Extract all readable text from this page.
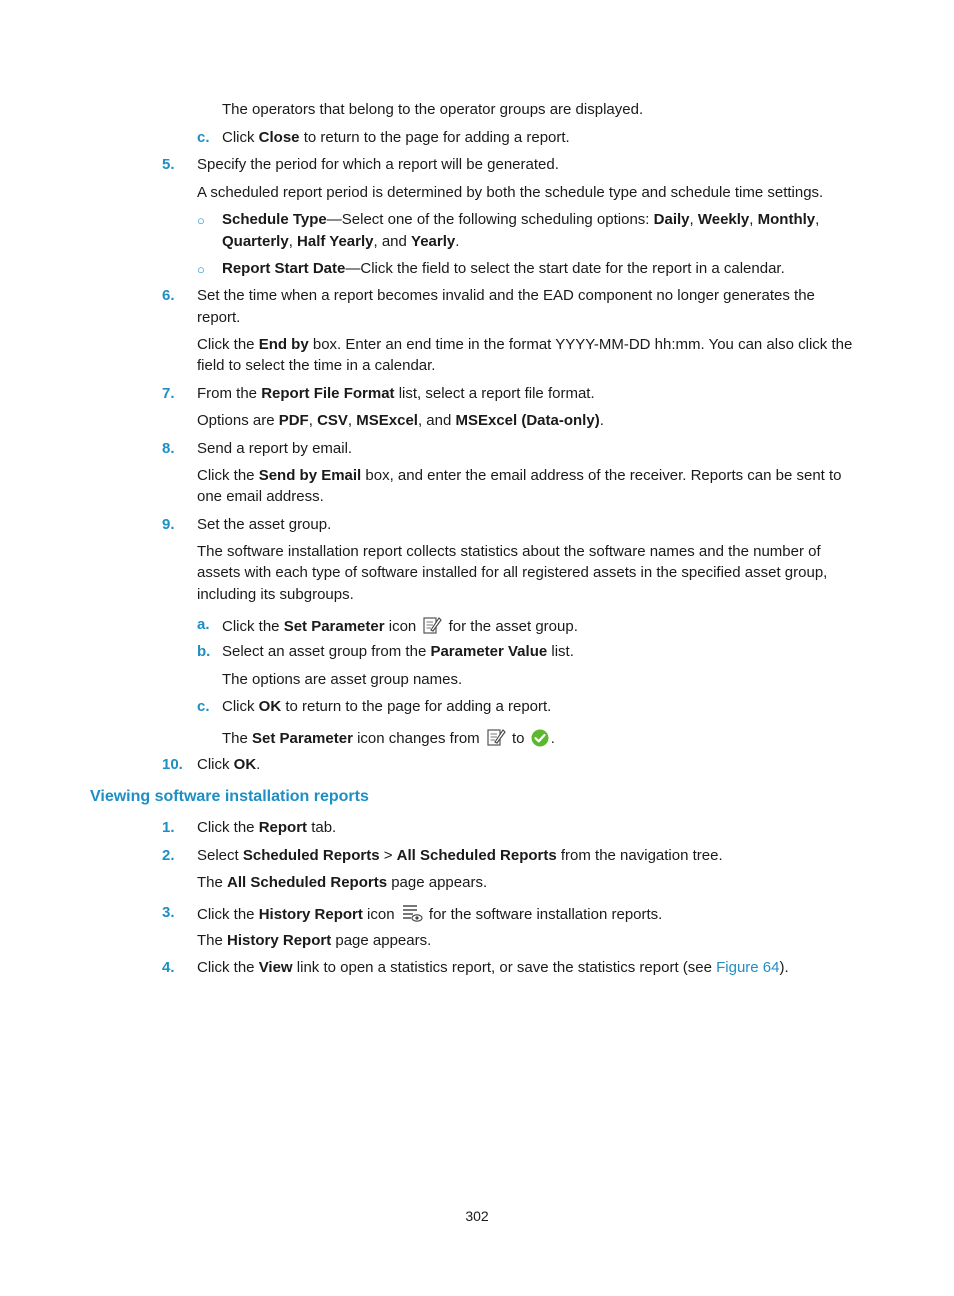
The operators that belong to the operator groups are displayed.
c. Click Close to return to the page for adding a report.
5. Specify the period for which a report will be generated.
A scheduled report period is determined by both the schedule type and schedule time settings.
○ Schedule Type—Select one of the following scheduling options: Daily, Weekly, Monthly,
Quarterly, Half Yearly, and Yearly.
○ Report Start Date—Click the field to select the start date for the report in a calendar.
6. Set the time when a report becomes invalid and the EAD component no longer generates the
report.
Click the End by box. Enter an end time in the format YYYY-MM-DD hh:mm. You can also click the
field to select the time in a calendar.
7. From the Report File Format list, select a report file format.
Options are PDF, CSV, MSExcel, and MSExcel (Data-only).
8. Send a report by email.
Click the Send by Email box, and enter the email address of the receiver. Reports can be sent to
one email address.
9. Set the asset group.
The software installation report collects statistics about the software names and the number of
assets with each type of software installed for all registered assets in the specified asset group,
including its subgroups.
a. Click the Set Parameter icon  for the asset group.
b. Select an asset group from the Parameter Value list.
The options are asset group names.
c. Click OK to return to the page for adding a report.
The Set Parameter icon changes from  to .
10. Click OK.
Viewing software installation reports
1. Click the Report tab.
2. Select Scheduled Reports > All Scheduled Reports from the navigation tree.
The All Scheduled Reports page appears.
3. Click the History Report icon  for the software installation reports.
The History Report page appears.
4. Click the View link to open a statistics report, or save the statistics report (see Figure 64).
302
